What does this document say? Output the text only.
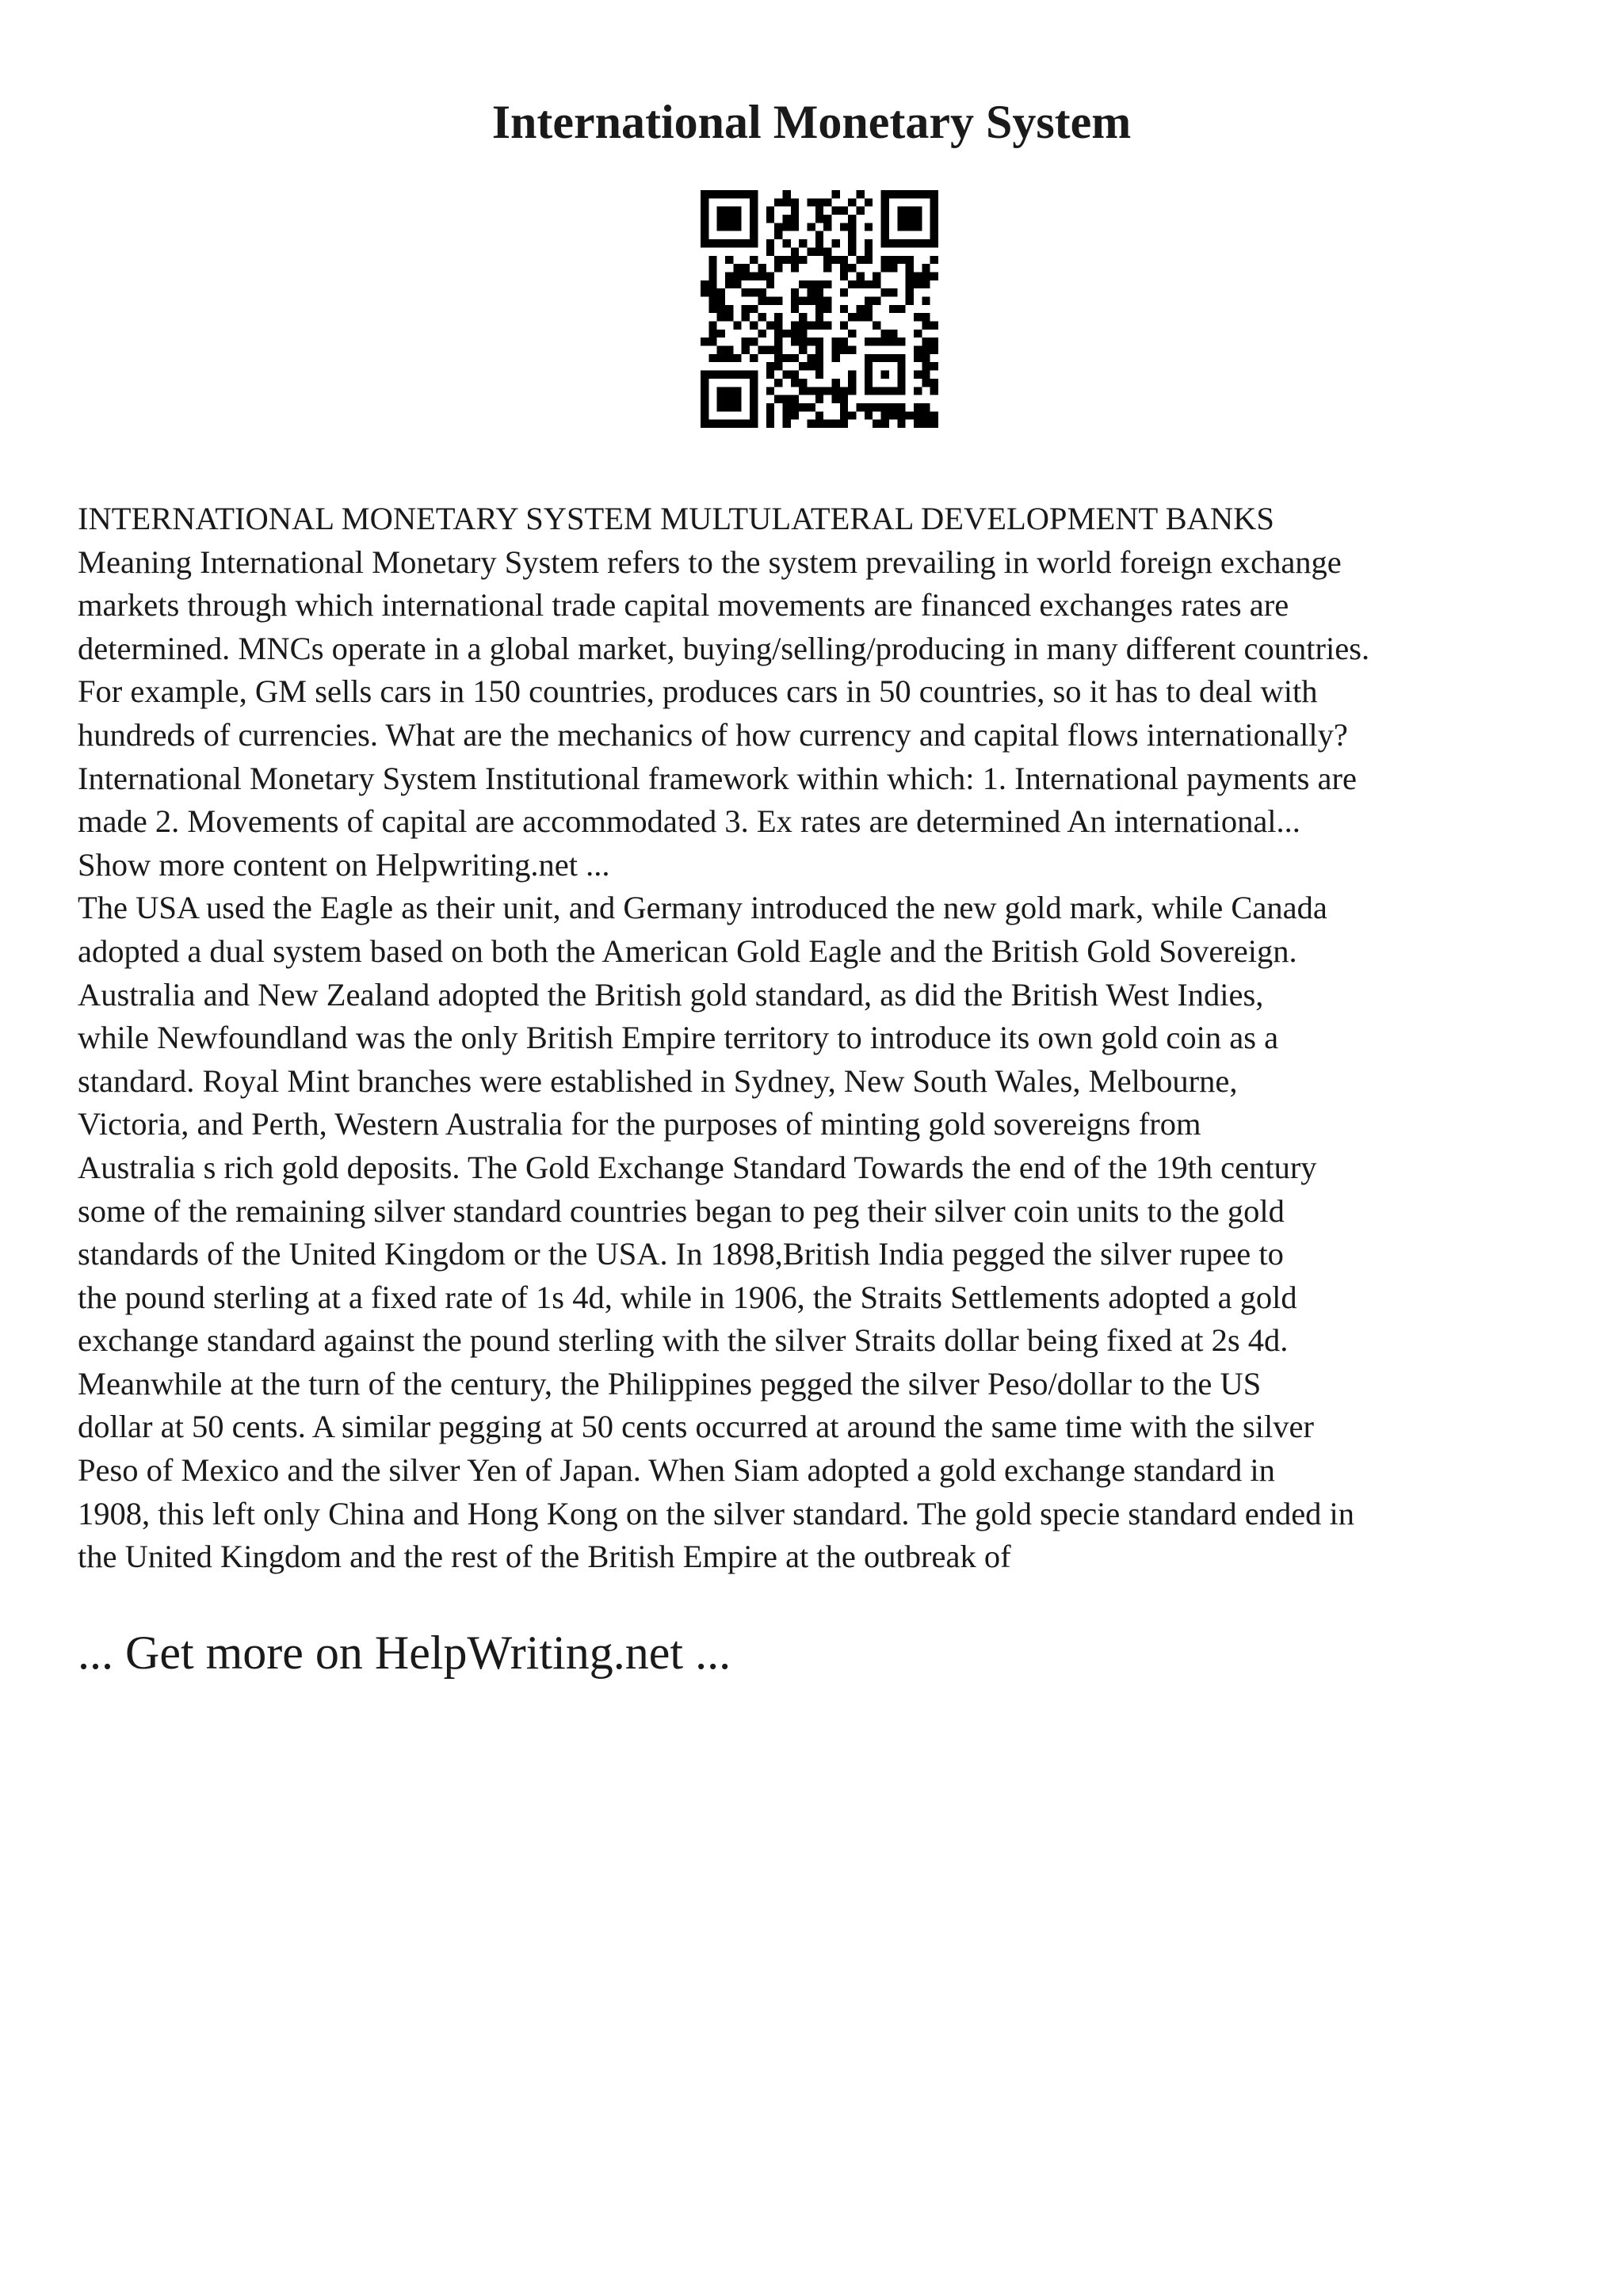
International Monetary System

INTERNATIONAL MONETARY SYSTEM MULTULATERAL DEVELOPMENT BANKS
Meaning International Monetary System refers to the system prevailing in world foreign exchange
markets through which international trade capital movements are financed exchanges rates are
determined. MNCs operate in a global market, buying/selling/producing in many different countries.
For example, GM sells cars in 150 countries, produces cars in 50 countries, so it has to deal with
hundreds of currencies. What are the mechanics of how currency and capital flows internationally?
International Monetary System Institutional framework within which: 1. International payments are
made 2. Movements of capital are accommodated 3. Ex rates are determined An international...
Show more content on Helpwriting.net ...
The USA used the Eagle as their unit, and Germany introduced the new gold mark, while Canada
adopted a dual system based on both the American Gold Eagle and the British Gold Sovereign.
Australia and New Zealand adopted the British gold standard, as did the British West Indies,
while Newfoundland was the only British Empire territory to introduce its own gold coin as a
standard. Royal Mint branches were established in Sydney, New South Wales, Melbourne,
Victoria, and Perth, Western Australia for the purposes of minting gold sovereigns from
Australia s rich gold deposits. The Gold Exchange Standard Towards the end of the 19th century
some of the remaining silver standard countries began to peg their silver coin units to the gold
standards of the United Kingdom or the USA. In 1898,British India pegged the silver rupee to
the pound sterling at a fixed rate of 1s 4d, while in 1906, the Straits Settlements adopted a gold
exchange standard against the pound sterling with the silver Straits dollar being fixed at 2s 4d.
Meanwhile at the turn of the century, the Philippines pegged the silver Peso/dollar to the US
dollar at 50 cents. A similar pegging at 50 cents occurred at around the same time with the silver
Peso of Mexico and the silver Yen of Japan. When Siam adopted a gold exchange standard in
1908, this left only China and Hong Kong on the silver standard. The gold specie standard ended in
the United Kingdom and the rest of the British Empire at the outbreak of

... Get more on HelpWriting.net ...
